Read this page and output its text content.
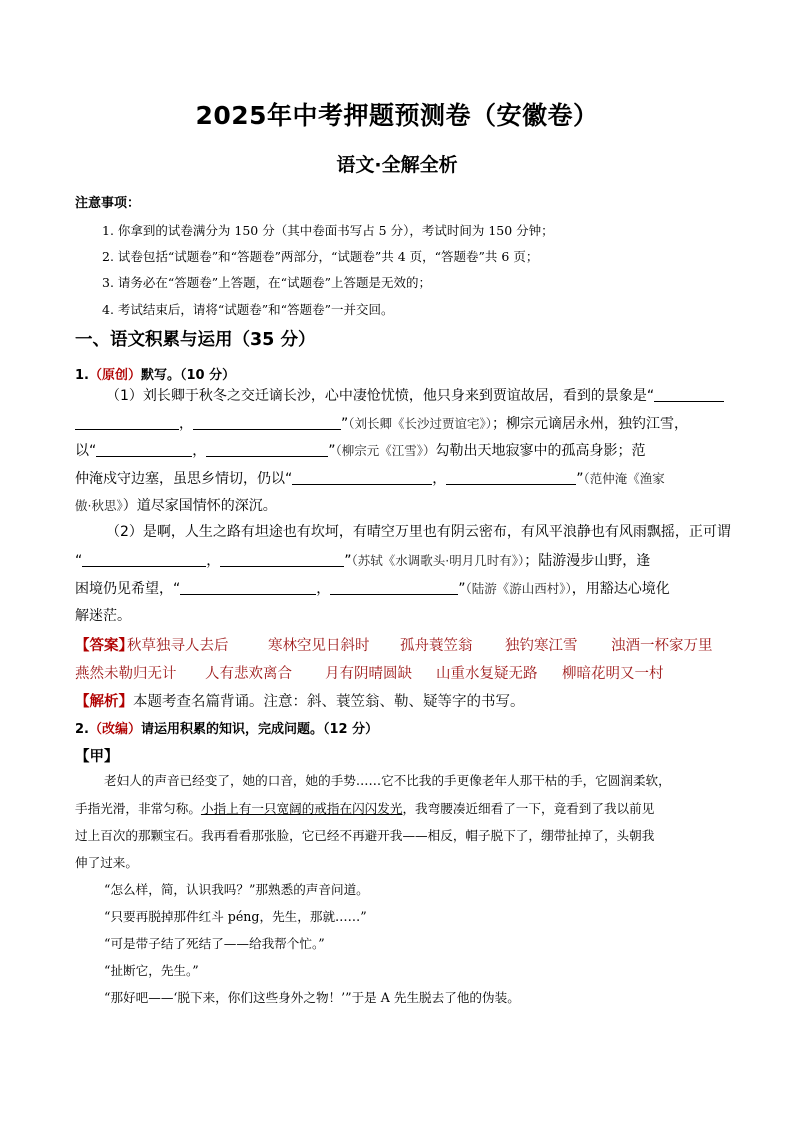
2025年中考押题预测卷（安徽卷）
语文·全解全析
注意事项：
1. 你拿到的试卷满分为 150 分（其中卷面书写占 5 分），考试时间为 150 分钟；
2. 试卷包括“试题卷”和“答题卷”两部分，“试题卷”共 4 页，“答题卷”共 6 页；
3. 请务必在“答题卷”上答题，在“试题卷”上答题是无效的；
4. 考试结束后，请将“试题卷”和“答题卷”一并交回。
一、语文积累与运用（35 分）
1.（原创）默写。（10 分）
（1）刘长卿于秋冬之交迁谪长沙，心中凄怆忧愤，他只身来到贾谊故居，看到的景象是“
，	”（刘长卿《长沙过贾谊宅》）；柳宗元谪居永州，独钓江雪，
以“	，	”（柳宗元《江雪》）勾勒出天地寂寥中的孤高身影；范
仲淹戍守边塞，虽思乡情切，仍以“	，	”（范仲淹《渔家
傲·秋思》）道尽家国情怀的深沉。
（2）是啊，人生之路有坦途也有坎坷，有晴空万里也有阴云密布，有风平浪静也有风雨飘摇，正可谓
“	，	”（苏轼《水调歌头·明月几时有》）；陆游漫步山野，逢
困境仍见希望，“	，	”（陆游《游山西村》），用豁达心境化
解迷茫。
【答案】
秋草独寻人去后	寒林空见日斜时 孤舟蓑笠翁 独钓寒江雪 浊酒一杯家万里
燕然未勒归无计 人有悲欢离合 月有阴晴圆缺 山重水复疑无路 柳暗花明又一村
【解析】本题考查名篇背诵。注意：斜、蓑笠翁、勒、疑等字的书写。
2.（改编）请运用积累的知识，完成问题。（12 分）
【甲】
老妇人的声音已经变了，她的口音，她的手势……它不比我的手更像老年人那干枯的手，它圆润柔软，
手指光滑，非常匀称。小指上有一只宽阔的戒指在闪闪发光，我弯腰凑近细看了一下，竟看到了我以前见
过上百次的那颗宝石。我再看看那张脸，它已经不再避开我——相反，帽子脱下了，绷带扯掉了，头朝我
伸了过来。
“怎么样，简，认识我吗？”那熟悉的声音问道。
“只要再脱掉那件红斗 péng，先生，那就……”
“可是带子结了死结了——给我帮个忙。”
“扯断它，先生。”
“那好吧——‘脱下来，你们这些身外之物！’”于是 A 先生脱去了他的伪装。
